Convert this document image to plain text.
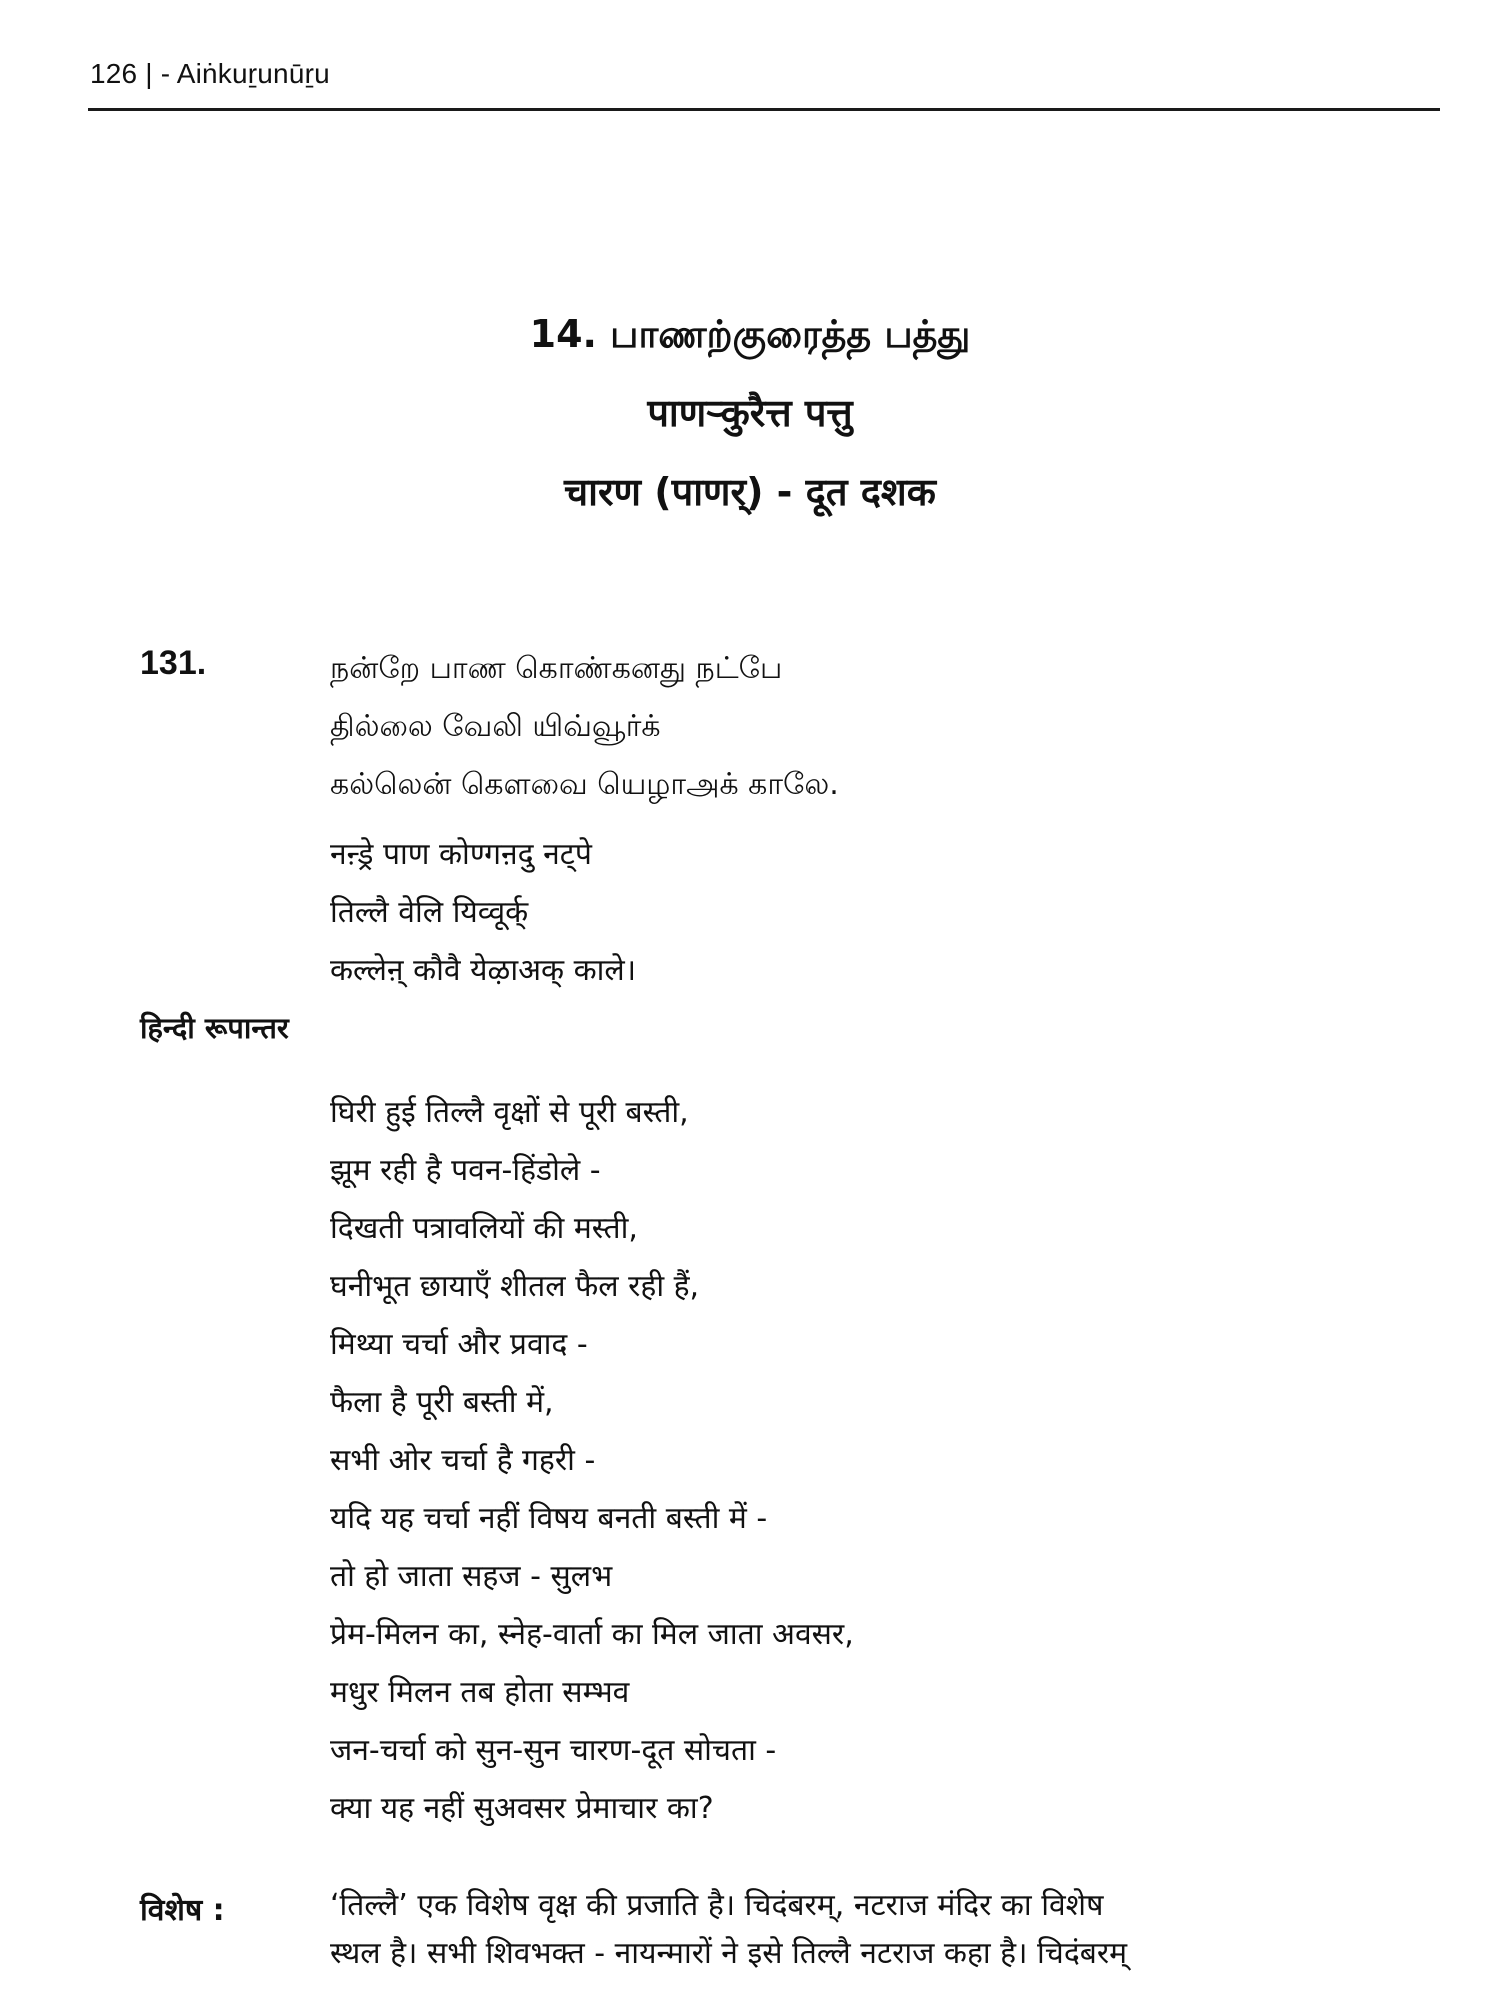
126 | - Aiṅkuṟunūṟu
14. பாணற்குரைத்த பத்து
पाणऱ्कुरैत्त पत्तु
चारण (पाणर्) - दूत दशक
131.	நன்றே பாண கொண்கனது நட்பே
தில்லை வேலி யிவ்வூர்க்
கல்லென் கௌவை யெழாஅக் காலே.
नऩ्ड्रे पाण कोण्गऩदु नट्पे
तिल्लै वेलि यिव्वूर्क्
कल्लेऩ् कौवै येऴाअक् काले।
हिन्दी रूपान्तर
घिरी हुई तिल्लै वृक्षों से पूरी बस्ती,
झूम रही है पवन-हिंडोले -
दिखती पत्रावलियों की मस्ती,
घनीभूत छायाएँ शीतल फैल रही हैं,
मिथ्या चर्चा और प्रवाद -
फैला है पूरी बस्ती में,
सभी ओर चर्चा है गहरी -
यदि यह चर्चा नहीं विषय बनती बस्ती में -
तो हो जाता सहज - सुलभ
प्रेम-मिलन का, स्नेह-वार्ता का मिल जाता अवसर,
मधुर मिलन तब होता सम्भव
जन-चर्चा को सुन-सुन चारण-दूत सोचता -
क्या यह नहीं सुअवसर प्रेमाचार का?
विशेष :	‘तिल्लै’ एक विशेष वृक्ष की प्रजाति है। चिदंबरम्, नटराज मंदिर का विशेष
स्थल है। सभी शिवभक्त - नायन्मारों ने इसे तिल्लै नटराज कहा है। चिदंबरम्
